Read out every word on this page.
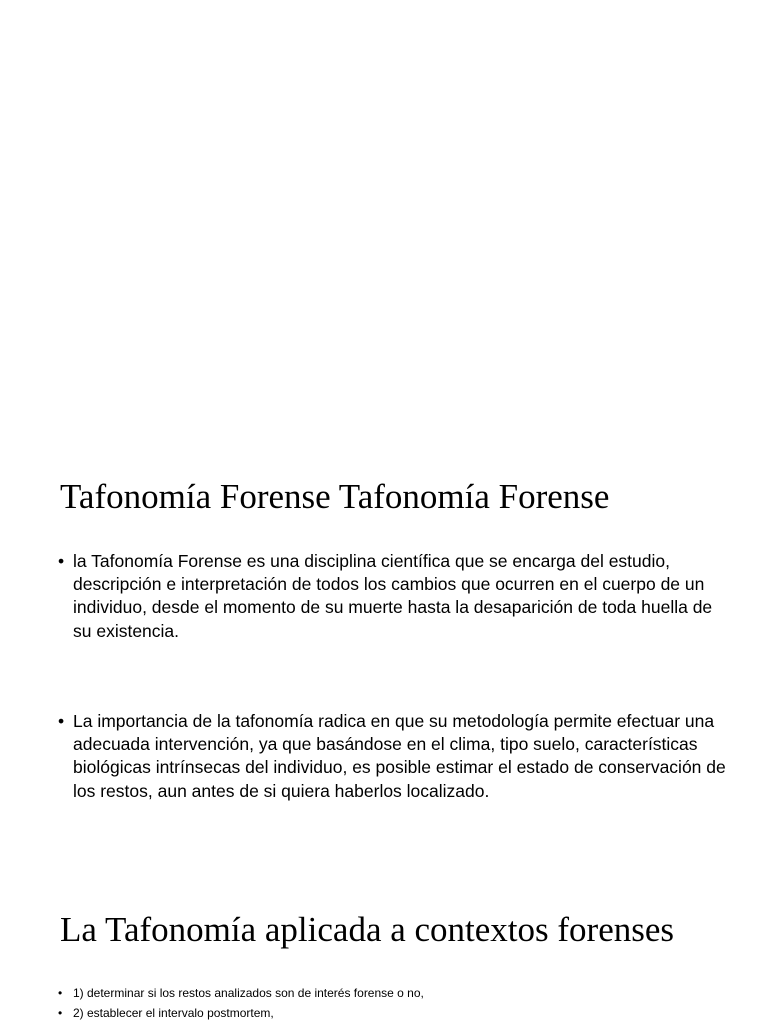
Tafonomía Forense Tafonomía Forense
• la Tafonomía Forense es una disciplina científica que se encarga del estudio, descripción e interpretación de todos los cambios que ocurren en el cuerpo de un individuo, desde el momento de su muerte hasta la desaparición de toda huella de su existencia.
• La importancia de la tafonomía radica en que su metodología permite efectuar una adecuada intervención, ya que basándose en el clima, tipo suelo, características biológicas intrínsecas del individuo, es posible estimar el estado de conservación de los restos, aun antes de si quiera haberlos localizado.
La Tafonomía aplicada a contextos forenses
• 1) determinar si los restos analizados son de interés forense o no,
• 2) establecer el intervalo postmortem,
